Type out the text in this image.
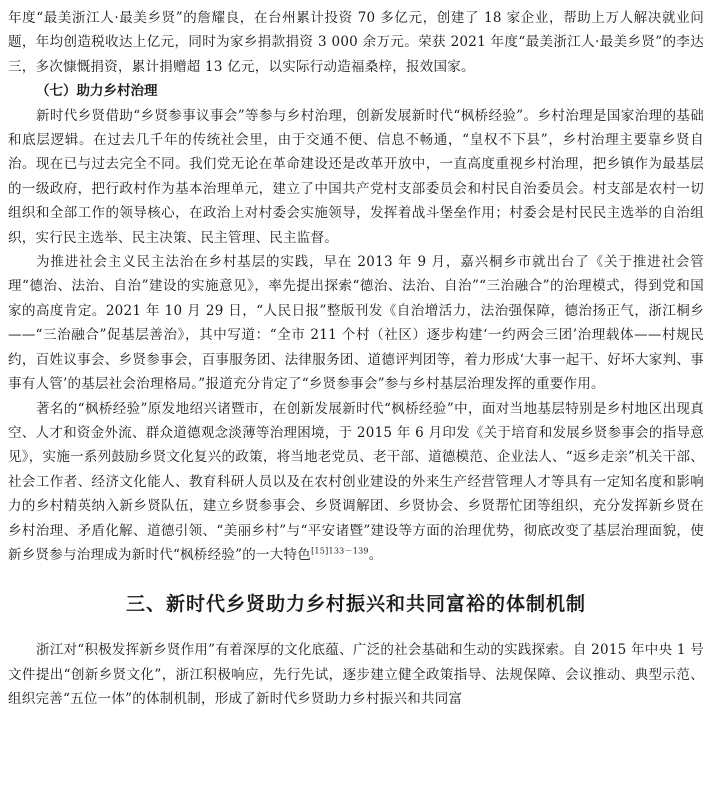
年度“最美浙江人·最美乡贤”的詹耀良，在台州累计投资 70 多亿元，创建了 18 家企业，帮助上万人解决就业问题，年均创造税收达上亿元，同时为家乡捐款捐资 3 000 余万元。荣获 2021 年度“最美浙江人·最美乡贤”的李达三，多次慷慨捐资，累计捐赠超 13 亿元，以实际行动造福桑梓，报效国家。

（七）助力乡村治理

新时代乡贤借助“乡贤参事议事会”等参与乡村治理，创新发展新时代“枫桥经验”。乡村治理是国家治理的基础和底层逻辑。在过去几千年的传统社会里，由于交通不便、信息不畅通，“皇权不下县”，乡村治理主要靠乡贤自治。现在已与过去完全不同。我们党无论在革命建设还是改革开放中，一直高度重视乡村治理，把乡镇作为最基层的一级政府，把行政村作为基本治理单元，建立了中国共产党村支部委员会和村民自治委员会。村支部是农村一切组织和全部工作的领导核心，在政治上对村委会实施领导，发挥着战斗堡垒作用；村委会是村民民主选举的自治组织，实行民主选举、民主决策、民主管理、民主监督。

为推进社会主义民主法治在乡村基层的实践，早在 2013 年 9 月，嘉兴桐乡市就出台了《关于推进社会管理“德治、法治、自治”建设的实施意见》，率先提出探索“德治、法治、自治”“三治融合”的治理模式，得到党和国家的高度肯定。2021 年 10 月 29 日，“人民日报”整版刊发《自治增活力，法治强保障，德治扬正气，浙江桐乡——“三治融合”促基层善治》，其中写道：“全市 211 个村（社区）逐步构建‘一约两会三团’治理载体——村规民约，百姓议事会、乡贤参事会，百事服务团、法律服务团、道德评判团等，着力形成‘大事一起干、好坏大家判、事事有人管’的基层社会治理格局。”报道充分肯定了“乡贤参事会”参与乡村基层治理发挥的重要作用。

著名的“枫桥经验”原发地绍兴诸暨市，在创新发展新时代“枫桥经验”中，面对当地基层特别是乡村地区出现真空、人才和资金外流、群众道德观念淡薄等治理困境，于 2015 年 6 月印发《关于培育和发展乡贤参事会的指导意见》，实施一系列鼓励乡贤文化复兴的政策，将当地老党员、老干部、道德模范、企业法人、“返乡走亲”机关干部、社会工作者、经济文化能人、教育科研人员以及在农村创业建设的外来生产经营管理人才等具有一定知名度和影响力的乡村精英纳入新乡贤队伍，建立乡贤参事会、乡贤调解团、乡贤协会、乡贤帮忙团等组织，充分发挥新乡贤在乡村治理、矛盾化解、道德引领、“美丽乡村”与“平安诸暨”建设等方面的治理优势，彻底改变了基层治理面貌，使新乡贤参与治理成为新时代“枫桥经验”的一大特色$^{[15]133-139}$。

三、新时代乡贤助力乡村振兴和共同富裕的体制机制

浙江对“积极发挥新乡贤作用”有着深厚的文化底蕴、广泛的社会基础和生动的实践探索。自 2015 年中央 1 号文件提出“创新乡贤文化”，浙江积极响应，先行先试，逐步建立健全政策指导、法规保障、会议推动、典型示范、组织完善“五位一体”的体制机制，形成了新时代乡贤助力乡村振兴和共同富
